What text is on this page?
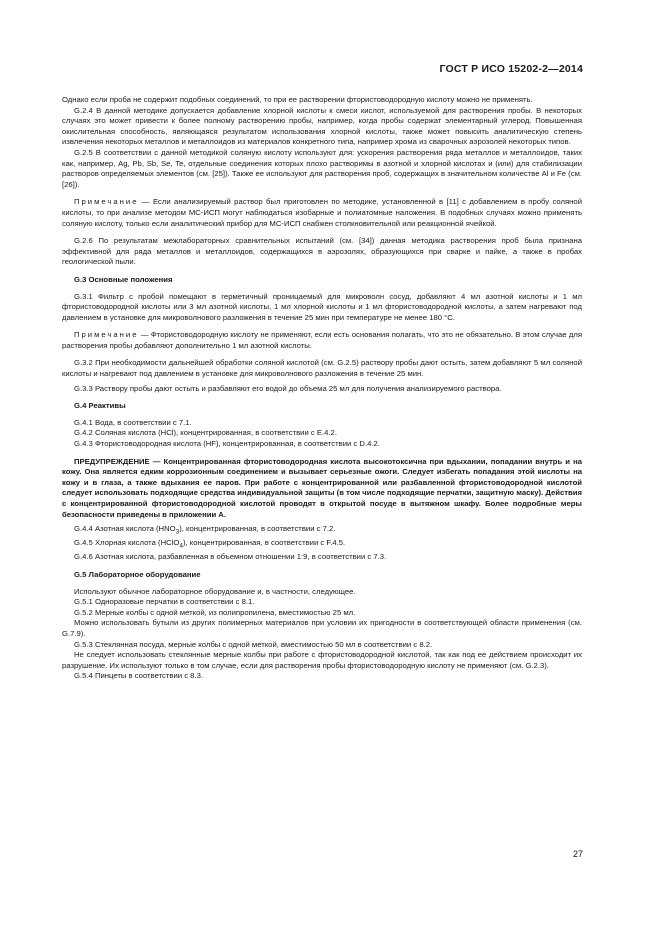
ГОСТ Р ИСО 15202-2—2014

Однако если проба не содержит подобных соединений, то при ее растворении фтористоводородную кислоту можно не применять.

G.2.4 В данной методике допускается добавление хлорной кислоты к смеси кислот, используемой для растворения пробы. В некоторых случаях это может привести к более полному растворению пробы, например, когда пробы содержат элементарный углерод. Повышенная окислительная способность, являющаяся результатом использования хлорной кислоты, также может повысить аналитическую степень извлечения некоторых металлов и металлоидов из материалов конкретного типа, например хрома из сварочных аэрозолей некоторых типов.

G.2.5 В соответствии с данной методикой соляную кислоту используют для: ускорения растворения ряда металлов и металлоидов, таких как, например, Ag, Pb, Sb, Se, Te, отдельные соединения которых плохо растворимы в азотной и хлорной кислотах и (или) для стабилизации растворов определяемых элементов (см. [25]). Также ее используют для растворения проб, содержащих в значительном количестве Al и Fe (см. [26]).

Примечание — Если анализируемый раствор был приготовлен по методике, установленной в [11] с добавлением в пробу соляной кислоты, то при анализе методом МС-ИСП могут наблюдаться изобарные и полиатомные наложения. В подобных случаях можно применять соляную кислоту, только если аналитический прибор для МС-ИСП снабжен столкновительной или реакционной ячейкой.

G.2.6 По результатам межлабораторных сравнительных испытаний (см. [34]) данная методика растворения проб была признана эффективной для ряда металлов и металлоидов, содержащихся в аэрозолях, образующихся при сварке и пайке, а также в пробах геологической пыли.

G.3 Основные положения

G.3.1 Фильтр с пробой помещают в герметичный проницаемый для микроволн сосуд, добавляют 4 мл азотной кислоты и 1 мл фтористоводородной кислоты или 3 мл азотной кислоты, 1 мл хлорной кислоты и 1 мл фтористоводородной кислоты, а затем нагревают под давлением в установке для микроволнового разложения в течение 25 мин при температуре не менее 180 °С.

Примечание — Фтористоводородную кислоту не применяют, если есть основания полагать, что это не обязательно. В этом случае для растворения пробы добавляют дополнительно 1 мл азотной кислоты.

G.3.2 При необходимости дальнейшей обработки соляной кислотой (см. G.2.5) раствору пробы дают остыть, затем добавляют 5 мл соляной кислоты и нагревают под давлением в установке для микроволнового разложения в течение 25 мин.

G.3.3 Раствору пробы дают остыть и разбавляют его водой до объема 25 мл для получения анализируемого раствора.

G.4 Реактивы

G.4.1 Вода, в соответствии с 7.1.

G.4.2 Соляная кислота (HCl), концентрированная, в соответствии с Е.4.2.

G.4.3 Фтористоводородная кислота (HF), концентрированная, в соответствии с D.4.2.

ПРЕДУПРЕЖДЕНИЕ — Концентрированная фтористоводородная кислота высокотоксична при вдыхании, попадании внутрь и на кожу. Она является едким коррозионным соединением и вызывает серьезные ожоги. Следует избегать попадания этой кислоты на кожу и в глаза, а также вдыхания ее паров. При работе с концентрированной или разбавленной фтористоводородной кислотой следует использовать подходящие средства индивидуальной защиты (в том числе подходящие перчатки, защитную маску). Действия с концентрированной фтористоводородной кислотой проводят в открытой посуде в вытяжном шкафу. Более подробные меры безопасности приведены в приложении А.

G.4.4 Азотная кислота $(HNO_3)$, концентрированная, в соответствии с 7.2.

G.4.5 Хлорная кислота (HClO$_4$), концентрированная, в соответствии с F.4.5.

G.4.6 Азотная кислота, разбавленная в объемном отношении 1:9, в соответствии с 7.3.

G.5 Лабораторное оборудование

Используют обычное лабораторное оборудование и, в частности, следующее.

G.5.1 Одноразовые перчатки в соответствии с 8.1.

G.5.2 Мерные колбы с одной меткой, из полипропилена, вместимостью 25 мл.

Можно использовать бутыли из других полимерных материалов при условии их пригодности в соответствующей области применения (см. G.7.9).

G.5.3 Стеклянная посуда, мерные колбы с одной меткой, вместимостью 50 мл в соответствии с 8.2.

Не следует использовать стеклянные мерные колбы при работе с фтористоводородной кислотой, так как под ее действием происходит их разрушение. Их используют только в том случае, если для растворения пробы фтористоводородную кислоту не применяют (см. G.2.3).

G.5.4 Пинцеты в соответствии с 8.3.

27
